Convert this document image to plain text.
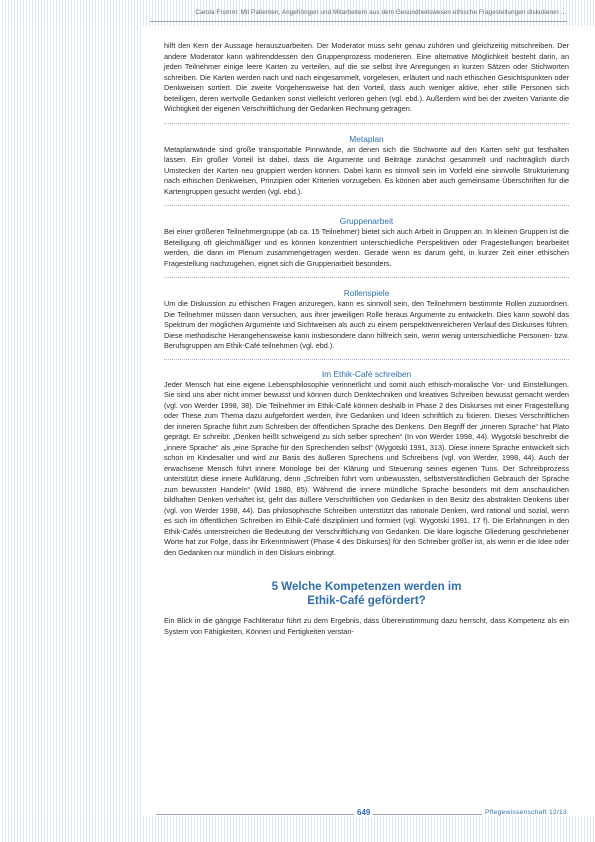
Carola Fromm: Mit Patienten, Angehörigen und Mitarbeitern aus dem Gesundheitswesen ethische Fragestellungen diskutieren …

hilft den Kern der Aussage herauszuarbeiten. Der Moderator muss sehr genau zuhören und gleichzeitig mitschreiben. Der andere Moderator kann währenddessen den Gruppenprozess moderieren. Eine alternative Möglichkeit besteht darin, an jeden Teilnehmer einige leere Karten zu verteilen, auf die sie selbst ihre Anregungen in kurzen Sätzen oder Stichworten schreiben. Die Karten werden nach und nach eingesammelt, vorgelesen, erläutert und nach ethischen Gesichtspunkten oder Denkweisen sortiert. Die zweite Vorgehensweise hat den Vorteil, dass auch weniger aktive, eher stille Personen sich beteiligen, deren wertvolle Gedanken sonst vielleicht verloren gehen (vgl. ebd.). Außerdem wird bei der zweiten Variante die Wichtigkeit der eigenen Verschriftlichung der Gedanken Rechnung getragen.

Metaplan

Metaplanwände sind große transportable Pinnwände, an denen sich die Stichworte auf den Karten sehr gut festhalten lassen. Ein großer Vorteil ist dabei, dass die Argumente und Beiträge zunächst gesammelt und nachträglich durch Umstecken der Karten neu gruppiert werden können. Dabei kann es sinnvoll sein im Vorfeld eine sinnvolle Strukturierung nach ethischen Denkweisen, Prinzipien oder Kriterien vorzugeben. Es können aber auch gemeinsame Überschriften für die Kartengruppen gesucht werden (vgl. ebd.).

Gruppenarbeit

Bei einer größeren Teilnehmergruppe (ab ca. 15 Teilnehmer) bietet sich auch Arbeit in Gruppen an. In kleinen Gruppen ist die Beteiligung oft gleichmäßiger und es können konzentriert unterschiedliche Perspektiven oder Fragestellungen bearbeitet werden, die dann im Plenum zusammengetragen werden. Gerade wenn es darum geht, in kurzer Zeit einer ethischen Fragestellung nachzugehen, eignet sich die Gruppenarbeit besonders.

Rollenspiele

Um die Diskussion zu ethischen Fragen anzuregen, kann es sinnvoll sein, den Teilnehmern bestimmte Rollen zuzuordnen. Die Teilnehmer müssen dann versuchen, aus ihrer jeweiligen Rolle heraus Argumente zu entwickeln. Dies kann sowohl das Spektrum der möglichen Argumente und Sichtweisen als auch zu einem perspektivenreicheren Verlauf des Diskurses führen. Diese methodische Herangehensweise kann insbesondere dann hilfreich sein, wenn wenig unterschiedliche Personen- bzw. Berufsgruppen am Ethik-Café teilnehmen (vgl. ebd.).

Im Ethik-Café schreiben

Jeder Mensch hat eine eigene Lebensphilosophie verinnerlicht und somit auch ethisch-moralische Vor- und Einstellungen. Sie sind uns aber nicht immer bewusst und können durch Denktechniken und kreatives Schreiben bewusst gemacht werden (vgl. von Werder 1998, 38). Die Teilnehmer im Ethik-Café können deshalb in Phase 2 des Diskurses mit einer Fragestellung oder These zum Thema dazu aufgefordert werden, ihre Gedanken und Ideen schriftlich zu fixieren. Dieses Verschriftlichen der inneren Sprache führt zum Schreiben der öffentlichen Sprache des Denkens. Den Begriff der „inneren Sprache“ hat Plato geprägt. Er schreibt: „Denken heißt schweigend zu sich selber sprechen“ (In von Werder 1998, 44). Wygotski beschreibt die „innere Sprache“ als „eine Sprache für den Sprechenden selbst“ (Wygotski 1991, 313). Diese innere Sprache entwickelt sich schon im Kindesalter und wird zur Basis des äußeren Sprechens und Schreibens (vgl. von Werder, 1998, 44). Auch der erwachsene Mensch führt innere Monologe bei der Klärung und Steuerung seines eigenen Tuns. Der Schreibprozess unterstützt diese innere Aufklärung, denn „Schreiben führt vom unbewussten, selbstverständlichen Gebrauch der Sprache zum bewussten Handeln“ (Wild 1980, 85). Während die innere mündliche Sprache besonders mit dem anschaulichen bildhaften Denken verhaftet ist, geht das äußere Verschriftlichen von Gedanken in den Besitz des abstrakten Denkens über (vgl. von Werder 1998, 44). Das philosophische Schreiben unterstützt das rationale Denken, wird rational und sozial, wenn es sich im öffentlichen Schreiben im Ethik-Café diszipliniert und formiert (vgl. Wygotski 1991, 17 f). Die Erfahrungen in den Ethik-Cafés unterstreichen die Bedeutung der Verschriftlichung von Gedanken. Die klare logische Gliederung geschriebener Worte hat zur Folge, dass ihr Erkenntniswert (Phase 4 des Diskurses) für den Schreiber größer ist, als wenn er die Idee oder den Gedanken nur mündlich in den Diskurs einbringt.

5 Welche Kompetenzen werden im
Ethik-Café gefördert?

Ein Blick in die gängige Fachliteratur führt zu dem Ergebnis, dass Übereinstimmung dazu herrscht, dass Kompetenz als ein System von Fähigkeiten, Können und Fertigkeiten verstan-

649	Pflegewissenschaft 12/13
